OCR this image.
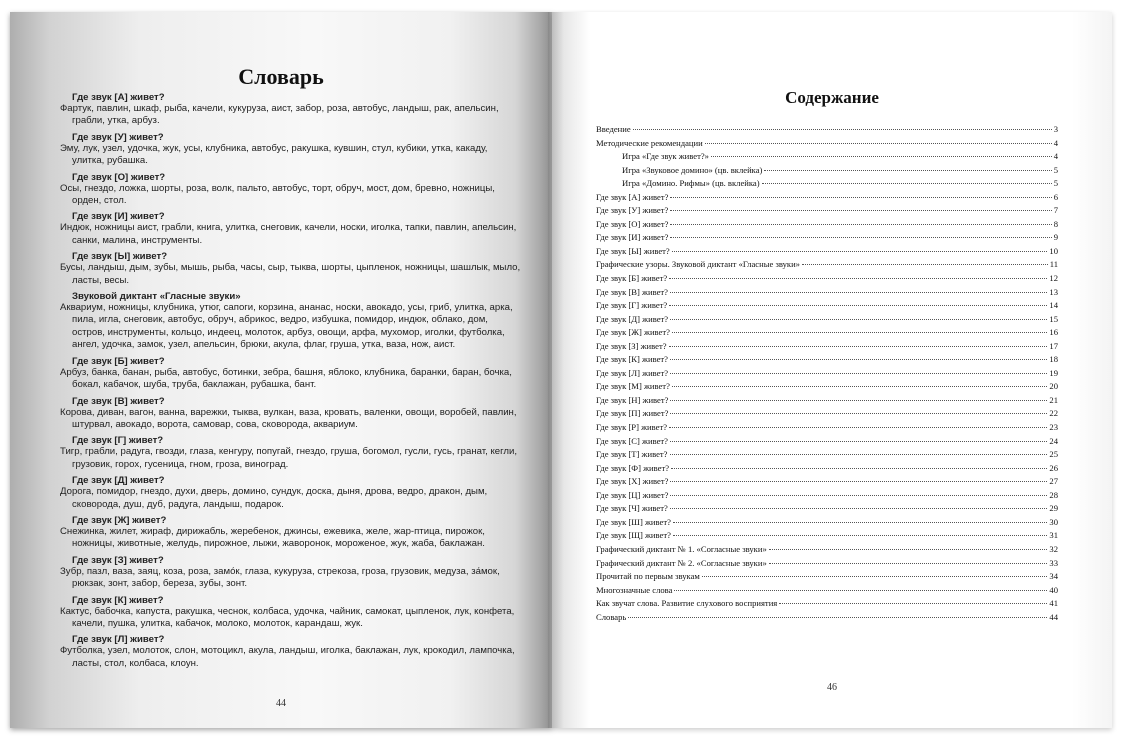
Словарь
Где звук [А] живет?
Фартук, павлин, шкаф, рыба, качели, кукуруза, аист, забор, роза, автобус, ландыш, рак, апельсин, грабли, утка, арбуз.
Где звук [У] живет?
Эму, лук, узел, удочка, жук, усы, клубника, автобус, ракушка, кувшин, стул, кубики, утка, какаду, улитка, рубашка.
Где звук [О] живет?
Осы, гнездо, ложка, шорты, роза, волк, пальто, автобус, торт, обруч, мост, дом, бревно, ножницы, орден, стол.
Где звук [И] живет?
Индюк, ножницы аист, грабли, книга, улитка, снеговик, качели, носки, иголка, тапки, павлин, апельсин, санки, малина, инструменты.
Где звук [Ы] живет?
Бусы, ландыш, дым, зубы, мышь, рыба, часы, сыр, тыква, шорты, цыпленок, ножницы, шашлык, мыло, ласты, весы.
Звуковой диктант «Гласные звуки»
Аквариум, ножницы, клубника, утюг, сапоги, корзина, ананас, носки, авокадо, усы, гриб, улитка, арка, пила, игла, снеговик, автобус, обруч, абрикос, ведро, избушка, помидор, индюк, облако, дом, остров, инструменты, кольцо, индеец, молоток, арбуз, овощи, арфа, мухомор, иголки, футболка, ангел, удочка, замок, узел, апельсин, брюки, акула, флаг, груша, утка, ваза, нож, аист.
Где звук [Б] живет?
Арбуз, банка, банан, рыба, автобус, ботинки, зебра, башня, яблоко, клубника, баранки, баран, бочка, бокал, кабачок, шуба, труба, баклажан, рубашка, бант.
Где звук [В] живет?
Корова, диван, вагон, ванна, варежки, тыква, вулкан, ваза, кровать, валенки, овощи, воробей, павлин, штурвал, авокадо, ворота, самовар, сова, сковорода, аквариум.
Где звук [Г] живет?
Тигр, грабли, радуга, гвозди, глаза, кенгуру, попугай, гнездо, груша, богомол, гусли, гусь, гранат, кегли, грузовик, горох, гусеница, гном, гроза, виноград.
Где звук [Д] живет?
Дорога, помидор, гнездо, духи, дверь, домино, сундук, доска, дыня, дрова, ведро, дракон, дым, сковорода, душ, дуб, радуга, ландыш, подарок.
Где звук [Ж] живет?
Снежинка, жилет, жираф, дирижабль, жеребенок, джинсы, ежевика, желе, жар-птица, пирожок, ножницы, животные, желудь, пирожное, лыжи, жаворонок, мороженое, жук, жаба, баклажан.
Где звук [З] живет?
Зубр, пазл, ваза, заяц, коза, роза, замо́к, глаза, кукуруза, стрекоза, гроза, грузовик, медуза, за́мок, рюкзак, зонт, забор, береза, зубы, зонт.
Где звук [К] живет?
Кактус, бабочка, капуста, ракушка, чеснок, колбаса, удочка, чайник, самокат, цыпленок, лук, конфета, качели, пушка, улитка, кабачок, молоко, молоток, карандаш, жук.
Где звук [Л] живет?
Футболка, узел, молоток, слон, мотоцикл, акула, ландыш, иголка, баклажан, лук, крокодил, лампочка, ласты, стол, колбаса, клоун.
44
Содержание
Введение	3
Методические рекомендации	4
Игра «Где звук живет?»	4
Игра «Звуковое домино» (цв. вклейка)	5
Игра «Домино. Рифмы» (цв. вклейка)	5
Где звук [А] живет?	6
Где звук [У] живет?	7
Где звук [О] живет?	8
Где звук [И] живет?	9
Где звук [Ы] живет?	10
Графические узоры. Звуковой диктант «Гласные звуки»	11
Где звук [Б] живет?	12
Где звук [В] живет?	13
Где звук [Г] живет?	14
Где звук [Д] живет?	15
Где звук [Ж] живет?	16
Где звук [З] живет?	17
Где звук [К] живет?	18
Где звук [Л] живет?	19
Где звук [М] живет?	20
Где звук [Н] живет?	21
Где звук [П] живет?	22
Где звук [Р] живет?	23
Где звук [С] живет?	24
Где звук [Т] живет?	25
Где звук [Ф] живет?	26
Где звук [Х] живет?	27
Где звук [Ц] живет?	28
Где звук [Ч] живет?	29
Где звук [Ш] живет?	30
Где звук [Щ] живет?	31
Графический диктант № 1. «Согласные звуки»	32
Графический диктант № 2. «Согласные звуки»	33
Прочитай по первым звукам	34
Многозначные слова	40
Как звучат слова. Развитие слухового восприятия	41
Словарь	44
46
